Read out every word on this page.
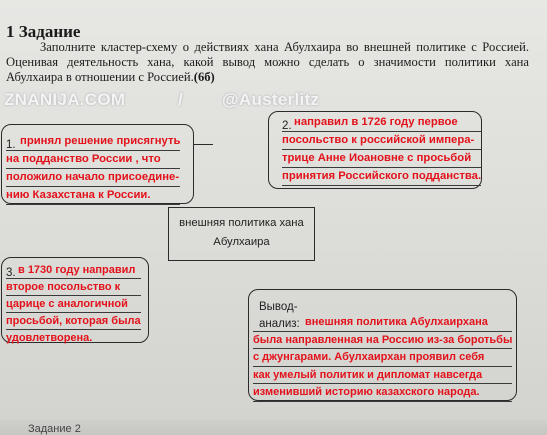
1 Задание
Заполните кластер-схему о действиях хана Абулхаира во внешней политике с Россией. Оценивая деятельность хана, какой вывод можно сделать о значимости политики хана Абулхаира в отношении с Россией.(6б)
ZNANIJA.COM	/ @Austerlitz
1. принял решение присягнуть
на подданство России , что
положило начало присоедине-
нию Казахстана к России.
2. направил в 1726 году первое
посольство к российской импера-
трице Анне Иоановне с просьбой
принятия Российского подданства.
внешняя политика хана
Абулхаира
3. в 1730 году направил
второе посольство к
царице с аналогичной
просьбой, которая была
удовлетворена.
Вывод-
анализ: внешняя политика Абулхаирхана
была направленная на Россию из-за боротьбы
с джунгарами. Абулхаирхан проявил себя
как умелый политик и дипломат навсегда
изменивший историю казахского народа.
Задание 2
